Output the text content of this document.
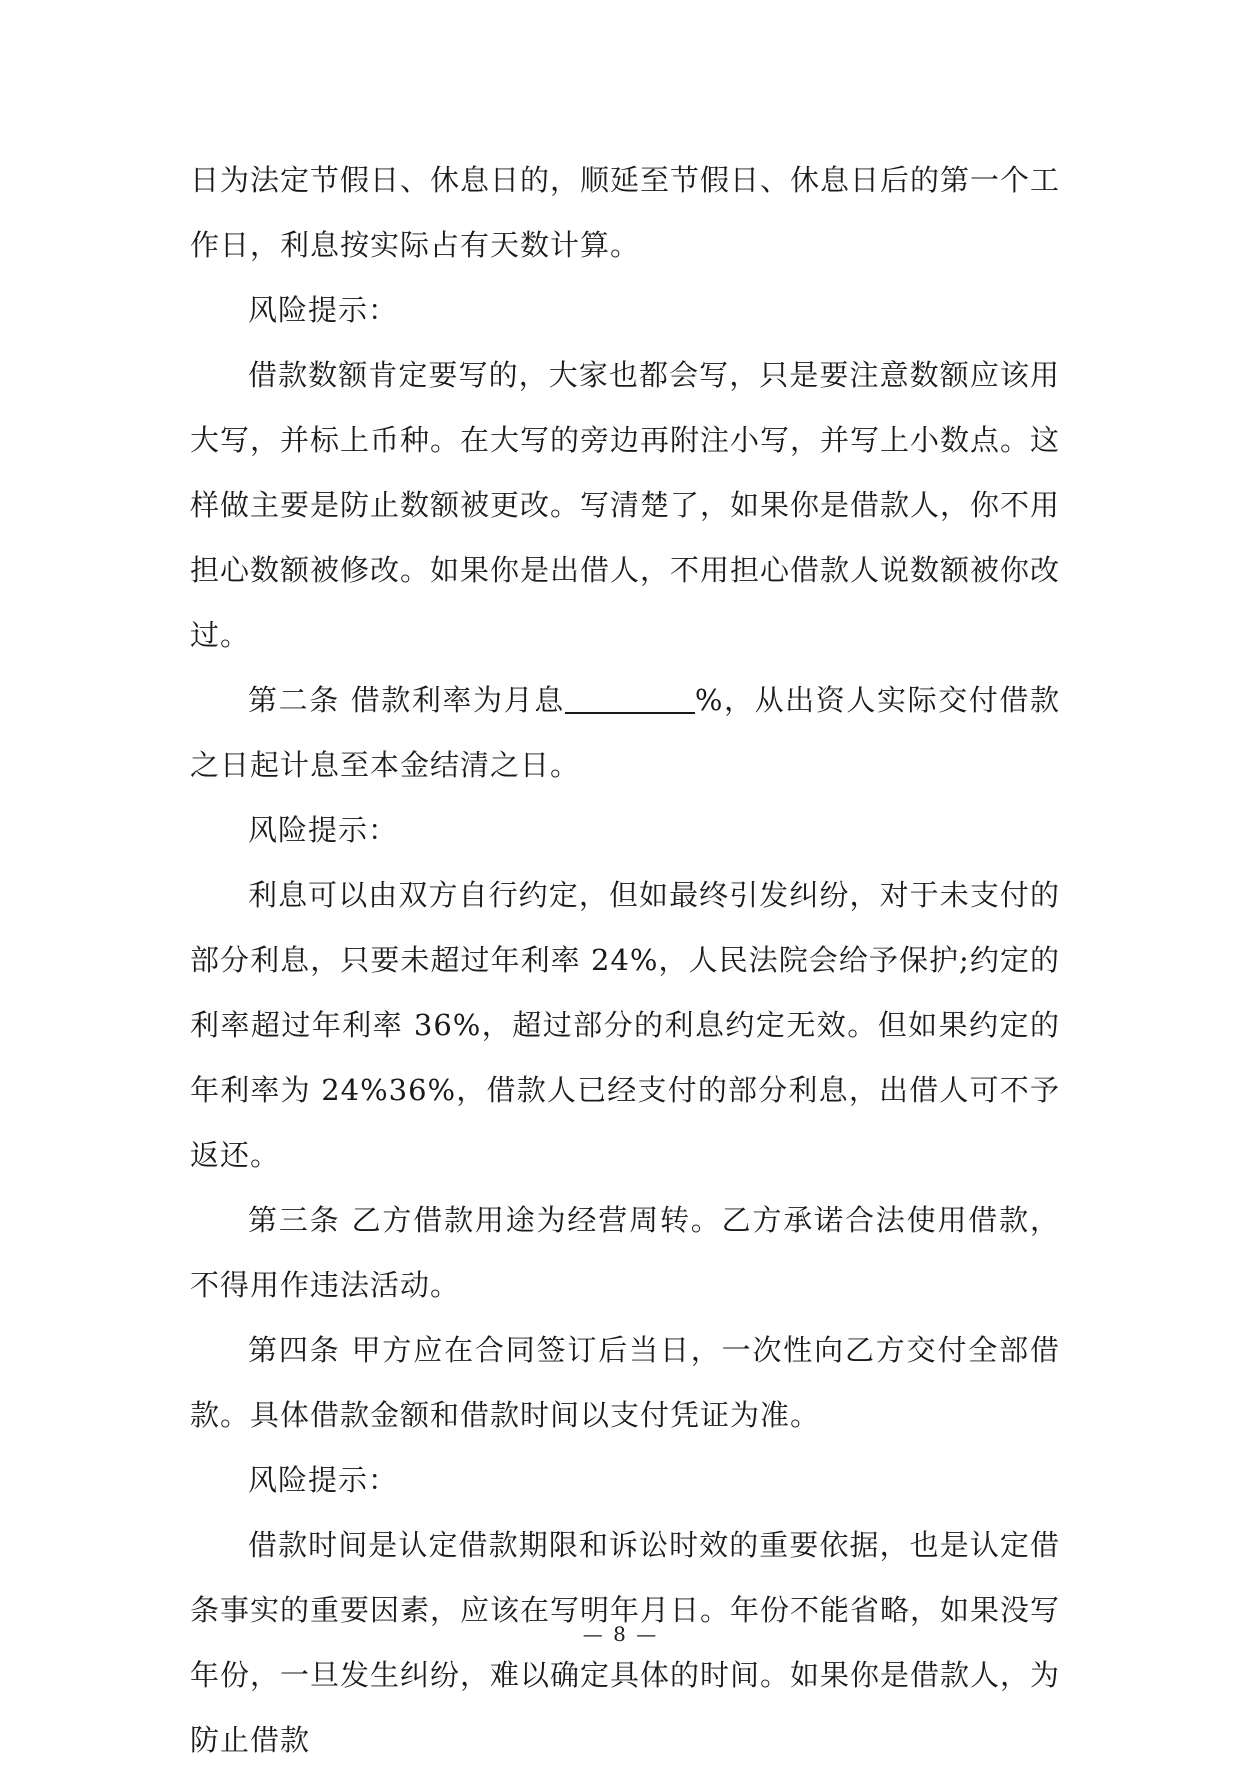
日为法定节假日、休息日的，顺延至节假日、休息日后的第一个工作日，利息按实际占有天数计算。

风险提示：

借款数额肯定要写的，大家也都会写，只是要注意数额应该用大写，并标上币种。在大写的旁边再附注小写，并写上小数点。这样做主要是防止数额被更改。写清楚了，如果你是借款人，你不用担心数额被修改。如果你是出借人，不用担心借款人说数额被你改过。

第二条 借款利率为月息	%，从出资人实际交付借款之日起计息至本金结清之日。

风险提示：

利息可以由双方自行约定，但如最终引发纠纷，对于未支付的部分利息，只要未超过年利率 24%，人民法院会给予保护;约定的利率超过年利率 36%，超过部分的利息约定无效。但如果约定的年利率为 24%36%，借款人已经支付的部分利息，出借人可不予返还。

第三条 乙方借款用途为经营周转。乙方承诺合法使用借款，不得用作违法活动。

第四条 甲方应在合同签订后当日，一次性向乙方交付全部借款。具体借款金额和借款时间以支付凭证为准。

风险提示：

借款时间是认定借款期限和诉讼时效的重要依据，也是认定借条事实的重要因素，应该在写明年月日。年份不能省略，如果没写年份，一旦发生纠纷，难以确定具体的时间。如果你是借款人，为防止借款

— 8 —
